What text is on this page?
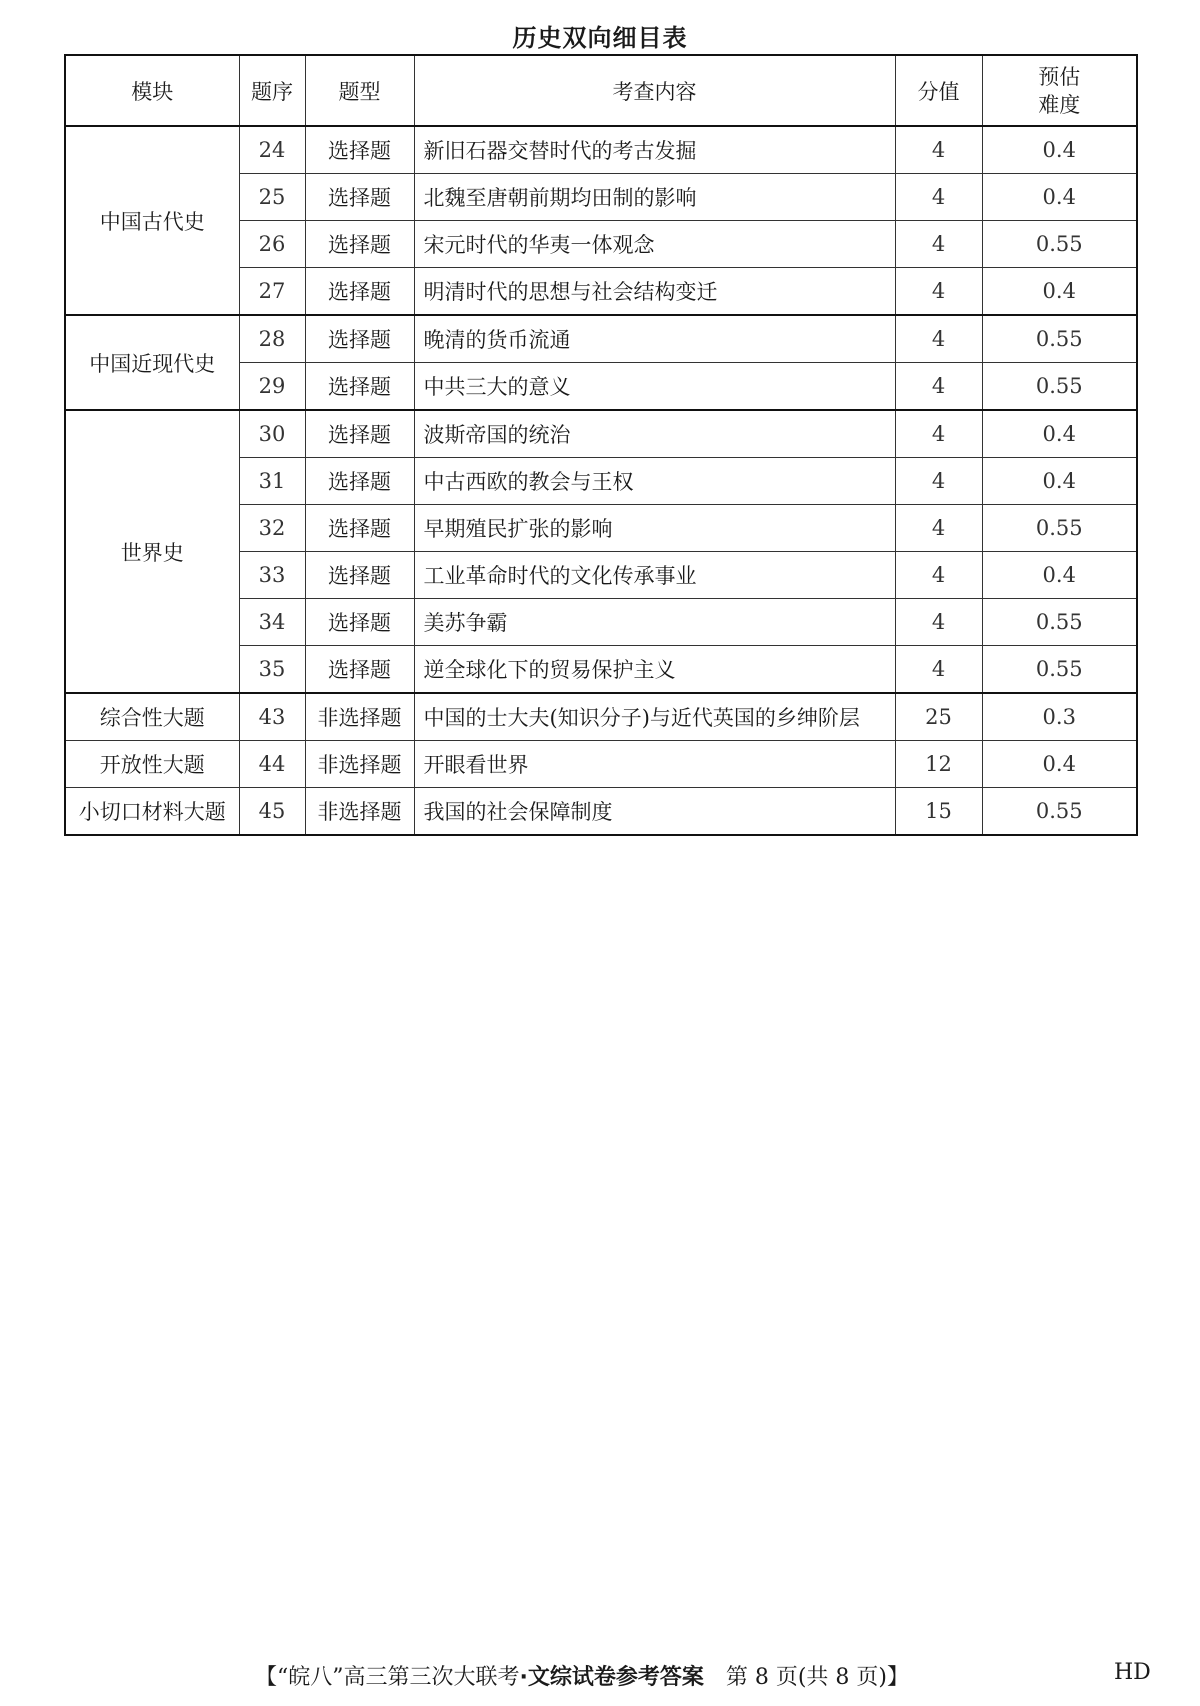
历史双向细目表
模块	题序	题型	考查内容	分值	预估
难度

中国古代史	24	选择题	新旧石器交替时代的考古发掘	4	0.4
	25	选择题	北魏至唐朝前期均田制的影响	4	0.4
	26	选择题	宋元时代的华夷一体观念	4	0.55
	27	选择题	明清时代的思想与社会结构变迁	4	0.4
中国近现代史	28	选择题	晚清的货币流通	4	0.55
	29	选择题	中共三大的意义	4	0.55
世界史	30	选择题	波斯帝国的统治	4	0.4
	31	选择题	中古西欧的教会与王权	4	0.4
	32	选择题	早期殖民扩张的影响	4	0.55
	33	选择题	工业革命时代的文化传承事业	4	0.4
	34	选择题	美苏争霸	4	0.55
	35	选择题	逆全球化下的贸易保护主义	4	0.55
综合性大题	43	非选择题	中国的士大夫(知识分子)与近代英国的乡绅阶层	25	0.3
开放性大题	44	非选择题	开眼看世界	12	0.4
小切口材料大题	45	非选择题	我国的社会保障制度	15	0.55
【“皖八”高三第三次大联考·文综试卷参考答案　第 8 页(共 8 页)】	HD
